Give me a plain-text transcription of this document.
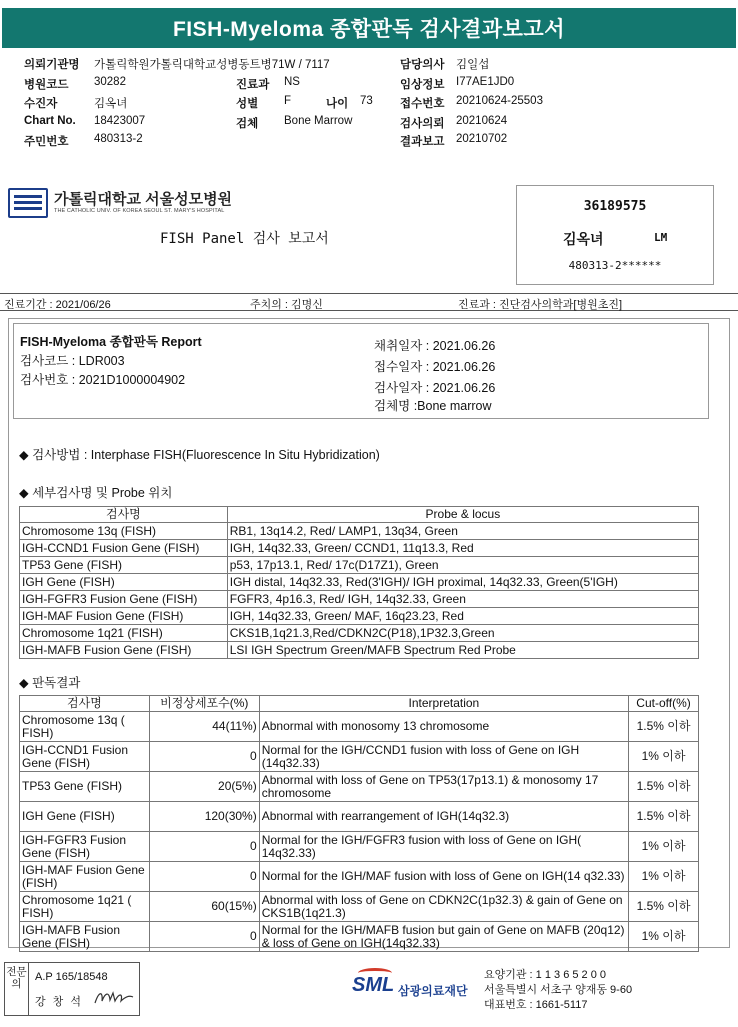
FISH-Myeloma 종합판독 검사결과보고서
의뢰기관명 가톨릭학원가톨릭대학교성병동트병71W / 7117	담당의사 김일섭
병원코드 30282	진료과 NS	임상정보 I77AE1JD0
수진자	김옥녀	성별 F	나이 73 접수번호 20210624-25503
Chart No. 18423007	검체 Bone Marrow	검사의뢰 20210624
주민번호 480313-2	결과보고 20210702
가톨릭대학교 서울성모병원
THE CATHOLIC UNIV. OF KOREA SEOUL ST. MARY'S HOSPITAL
FISH Panel 검사 보고서
36189575
김옥녀	LM
480313-2******
진료기간 : 2021/06/26	주치의 : 김명신	진료과 : 진단검사의학과[병원초진]
FISH-Myeloma 종합판독 Report
검사코드 : LDR003
검사번호 : 2021D1000004902
채취일자 : 2021.06.26
접수일자 : 2021.06.26
검사일자 : 2021.06.26
검체명 :Bone marrow
◆ 검사방법 : Interphase FISH(Fluorescence In Situ Hybridization)
◆ 세부검사명 및 Probe 위치
검사명	Probe & locus
Chromosome 13q (FISH)	RB1, 13q14.2, Red/ LAMP1, 13q34, Green
IGH-CCND1 Fusion Gene (FISH)	IGH, 14q32.33, Green/ CCND1, 11q13.3, Red
TP53 Gene (FISH)	p53, 17p13.1, Red/ 17c(D17Z1), Green
IGH Gene (FISH)	IGH distal, 14q32.33, Red(3'IGH)/ IGH proximal, 14q32.33, Green(5'IGH)
IGH-FGFR3 Fusion Gene (FISH)	FGFR3, 4p16.3, Red/ IGH, 14q32.33, Green
IGH-MAF Fusion Gene (FISH)	IGH, 14q32.33, Green/ MAF, 16q23.23, Red
Chromosome 1q21 (FISH)	CKS1B,1q21.3,Red/CDKN2C(P18),1P32.3,Green
IGH-MAFB Fusion Gene (FISH)	LSI IGH Spectrum Green/MAFB Spectrum Red Probe
◆ 판독결과
검사명	비정상세포수(%)	Interpretation	Cut-off(%)
Chromosome 13q ( FISH)	44(11%)	Abnormal with monosomy 13 chromosome	1.5% 이하
IGH-CCND1 Fusion Gene (FISH)	0	Normal for the IGH/CCND1 fusion with loss of Gene on IGH (14q32.33)	1% 이하
TP53 Gene (FISH)	20(5%)	Abnormal with loss of Gene on TP53(17p13.1) & monosomy 17 chromosome	1.5% 이하
IGH Gene (FISH)	120(30%)	Abnormal with rearrangement of IGH(14q32.3)	1.5% 이하
IGH-FGFR3 Fusion Gene (FISH)	0	Normal for the IGH/FGFR3 fusion with loss of Gene on IGH( 14q32.33)	1% 이하
IGH-MAF Fusion Gene (FISH)	0	Normal for the IGH/MAF fusion with loss of Gene on IGH(14 q32.33)	1% 이하
Chromosome 1q21 ( FISH)	60(15%)	Abnormal with loss of Gene on CDKN2C(1p32.3) & gain of Gene on CKS1B(1q21.3)	1.5% 이하
IGH-MAFB Fusion Gene (FISH)	0	Normal for the IGH/MAFB fusion but gain of Gene on MAFB (20q12) & loss of Gene on IGH(14q32.33)	1% 이하
전문의
A.P 165/18548
강 창 석
SML 삼광의료재단
요양기관 : 1 1 3 6 5 2 0 0
서울특별시 서초구 양재동 9-60
대표번호 : 1661-5117
